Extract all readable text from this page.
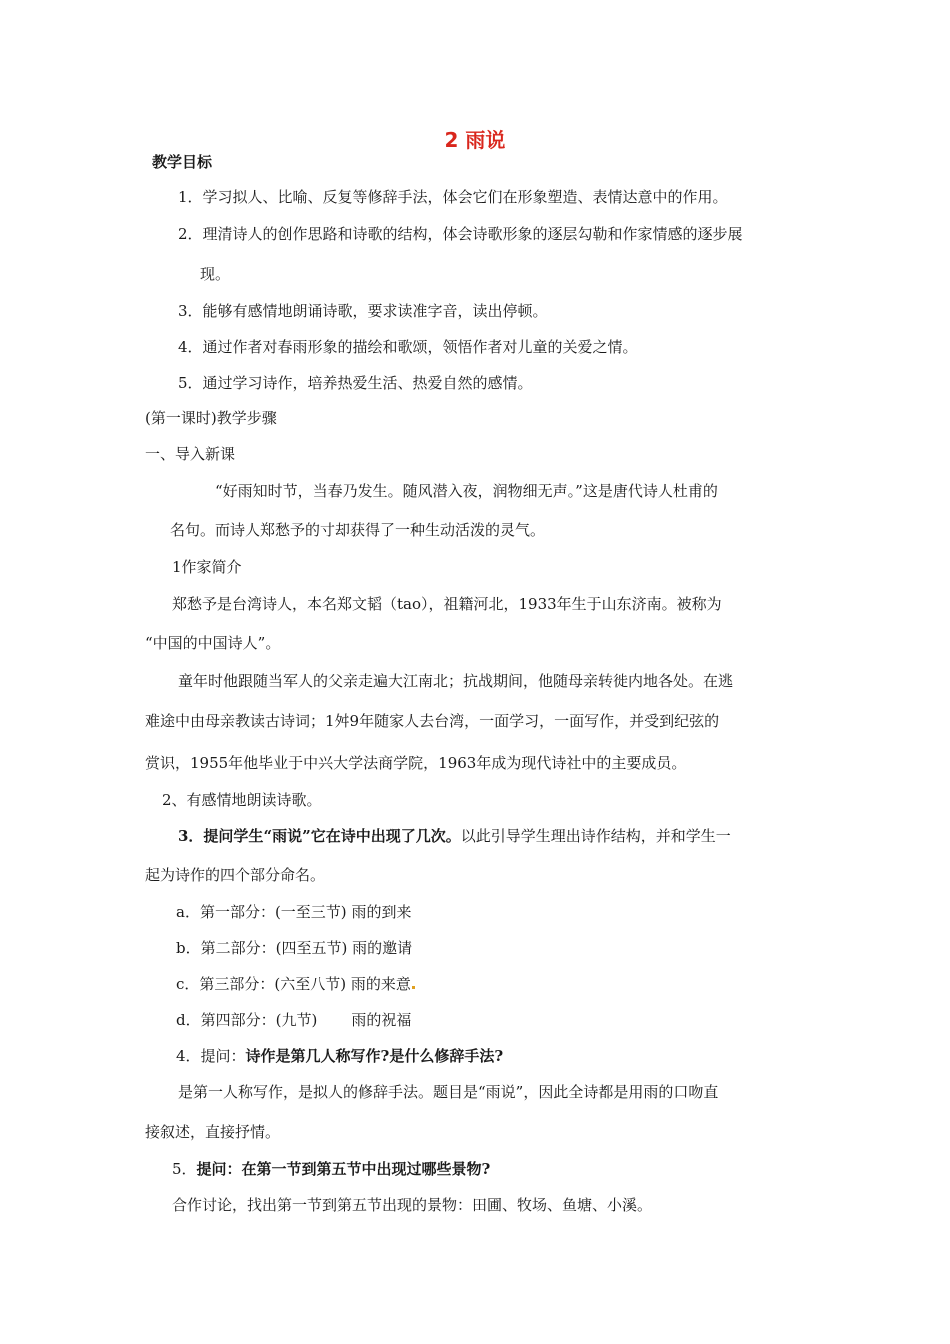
2 雨说
教学目标
1．学习拟人、比喻、反复等修辞手法，体会它们在形象塑造、表情达意中的作用。
2．理清诗人的创作思路和诗歌的结构，体会诗歌形象的逐层勾勒和作家情感的逐步展
现。
3．能够有感情地朗诵诗歌，要求读准字音，读出停顿。
4．通过作者对春雨形象的描绘和歌颂，领悟作者对儿童的关爱之情。
5．通过学习诗作，培养热爱生活、热爱自然的感情。
(第一课时)教学步骤
一、导入新课
“好雨知时节，当春乃发生。随风潜入夜，润物细无声。”这是唐代诗人杜甫的
名句。而诗人郑愁予的寸却获得了一种生动活泼的灵气。
1作家简介
郑愁予是台湾诗人，本名郑文韬（tao），祖籍河北，1933年生于山东济南。被称为
“中国的中国诗人”。
童年时他跟随当军人的父亲走遍大江南北；抗战期间，他随母亲转徙内地各处。在逃
难途中由母亲教读古诗词；1舛9年随家人去台湾，一面学习，一面写作，并受到纪弦的
赏识，1955年他毕业于中兴大学法商学院，1963年成为现代诗社中的主要成员。
2、有感情地朗读诗歌。
3．提问学生“雨说”它在诗中出现了几次。以此引导学生理出诗作结构，并和学生一
起为诗作的四个部分命名。
a．第一部分：(一至三节) 雨的到来
b．第二部分：(四至五节) 雨的邀请
c．第三部分：(六至八节) 雨的来意
d．第四部分：(九节) 雨的祝福
4．提问：诗作是第几人称写作?是什么修辞手法?
是第一人称写作，是拟人的修辞手法。题目是“雨说”，因此全诗都是用雨的口吻直
接叙述，直接抒情。
5．提问：在第一节到第五节中出现过哪些景物?
合作讨论，找出第一节到第五节出现的景物：田圃、牧场、鱼塘、小溪。
